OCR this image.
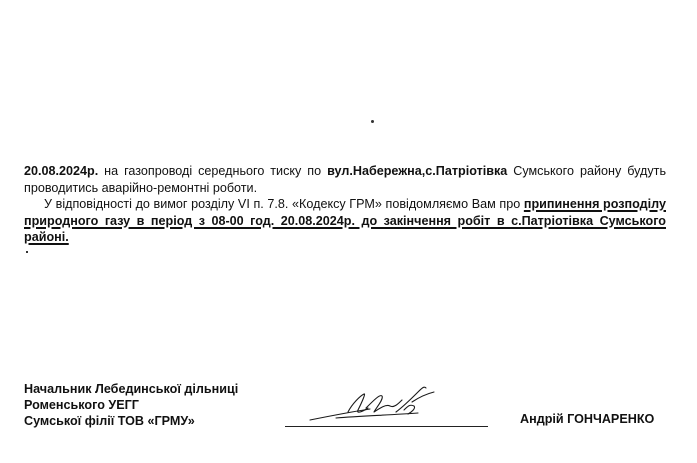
20.08.2024р. на газопроводі середнього тиску по вул.Набережна,с.Патріотівка Сумського району будуть проводитись аварійно-ремонтні роботи.

У відповідності до вимог розділу VI п. 7.8. «Кодексу ГРМ» повідомляємо Вам про припинення розподілу природного газу в період з 08-00 год. 20.08.2024р. до закінчення робіт в с.Патріотівка Сумського районі.

Начальник Лебединської дільниці
Роменського УЕГГ
Сумської філії ТОВ «ГРМУ»	Андрій ГОНЧАРЕНКО
